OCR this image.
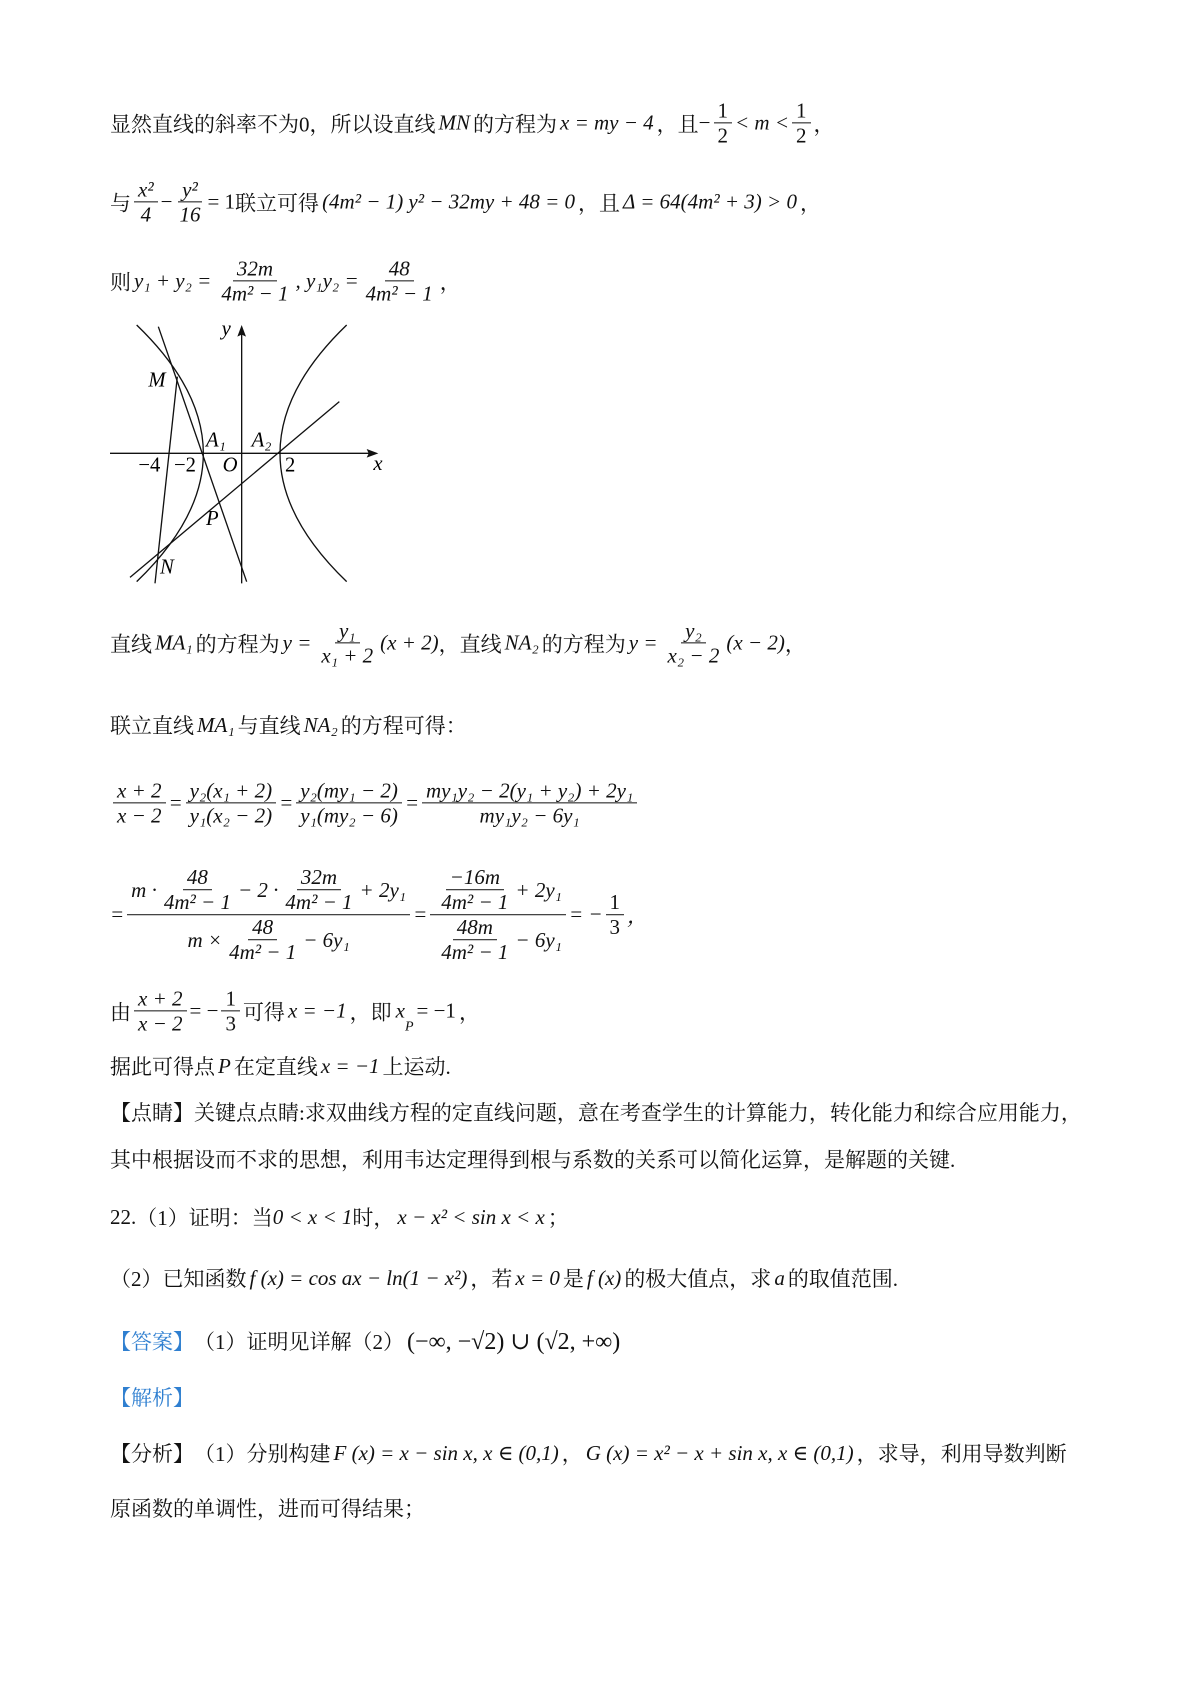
显然直线的斜率不为0，所以设直线 MN 的方程为 x = my − 4 ，且 − $\frac{1}{2} < m < \frac{1}{2}$ ，
与 $\frac{\text{x²}}{4} - \frac{\text{y²}}{16} = 1$ 联立可得 (4m² − 1) y² − 32my + 48 = 0 ，且 Δ = 64(4m² + 3) > 0 ，
则 $y_1 + y_2 = \frac{32m}{\text{4m² − 1}}$ , $y_1y_2 = \frac{48}{\text{4m² − 1}}$ ，
y
x
M
N
P
A₁ A₂
O
−4 −2 2
直线 MA₁ 的方程为 $y = \frac{\text{y₁}}{\text{x₁ + 2}} (x + 2)$ ，直线 NA₂ 的方程为 $y = \frac{\text{y₂}}{\text{x₂ − 2}} (x - 2)$ ，
联立直线 MA₁ 与直线 NA₂ 的方程可得：
$\frac{x + 2}{x - 2} = \frac{\text{y₂(x₁ + 2)}}{\text{y₁(x₂ − 2)}} = \frac{\text{y₂(my₁ − 2)}}{\text{y₁(my₂ − 6)}} = \frac{\text{my₁y₂ − 2(y₁ + y₂) + 2y₁}}{\text{my₁y₂ − 6y₁}}$
= $\frac{m \cdot \frac{48}{\text{4m² − 1}} - 2 \cdot \frac{32m}{\text{4m² − 1}} + 2y_1}{m \times \frac{48}{\text{4m² − 1}} - 6y_1} = \frac{\frac{-16m}{\text{4m² − 1}} + 2y_1}{\frac{48m}{\text{4m² − 1}} - 6y_1}$ = − $\frac{1}{3}$ ，
由 $\frac{x + 2}{x - 2}$ = − $\frac{1}{3}$ 可得 x = −1 ，即 x
$_P$
= −1 ，
据此可得点 P 在定直线 x = −1 上运动.
【点睛】关键点点睛:求双曲线方程的定直线问题，意在考查学生的计算能力，转化能力和综合应用能力，
其中根据设而不求的思想，利用韦达定理得到根与系数的关系可以简化运算，是解题的关键.
22. （1）证明：当 0 < x < 1 时， x − x² < sin x < x ；
（2）已知函数 f (x) = cos ax − ln(1 − x²) ，若 x = 0 是 f (x) 的极大值点，求 a 的取值范围.
【答案】 （1）证明见详解（2） (−∞, −√2) ∪ (√2, +∞)
【解析】
【分析】 （1）分别构建 F (x) = x − sin x, x ∈ (0,1) ， G (x) = x² − x + sin x, x ∈ (0,1) ，求导，利用导数判断
原函数的单调性，进而可得结果；
